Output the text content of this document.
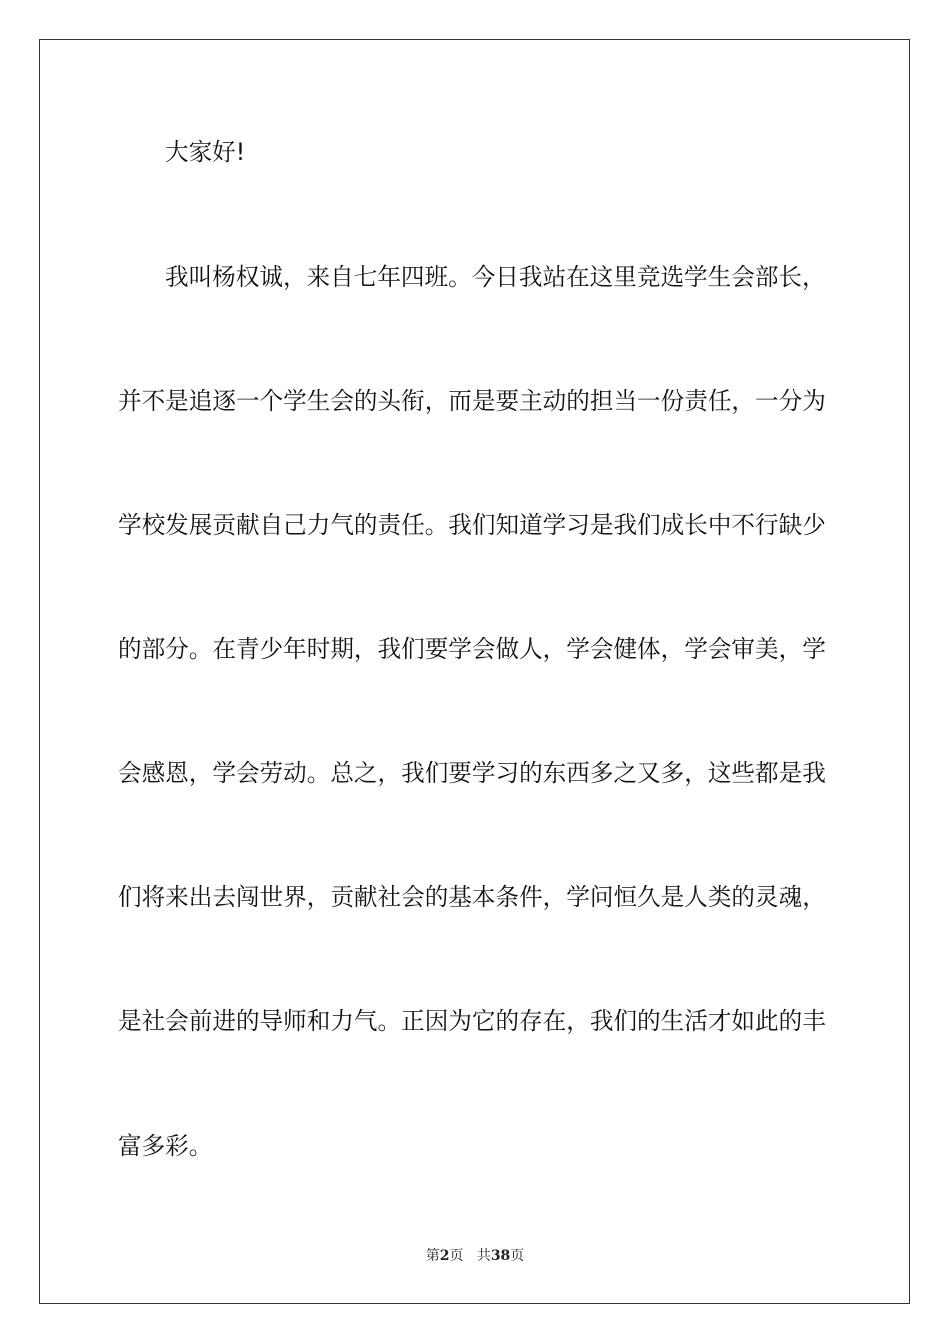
大家好!
我叫杨权诚，来自七年四班。今日我站在这里竞选学生会部长，
并不是追逐一个学生会的头衔，而是要主动的担当一份责任，一分为
学校发展贡献自己力气的责任。我们知道学习是我们成长中不行缺少
的部分。在青少年时期，我们要学会做人，学会健体，学会审美，学
会感恩，学会劳动。总之，我们要学习的东西多之又多，这些都是我
们将来出去闯世界，贡献社会的基本条件，学问恒久是人类的灵魂，
是社会前进的导师和力气。正因为它的存在，我们的生活才如此的丰
富多彩。
第2页 共38页
